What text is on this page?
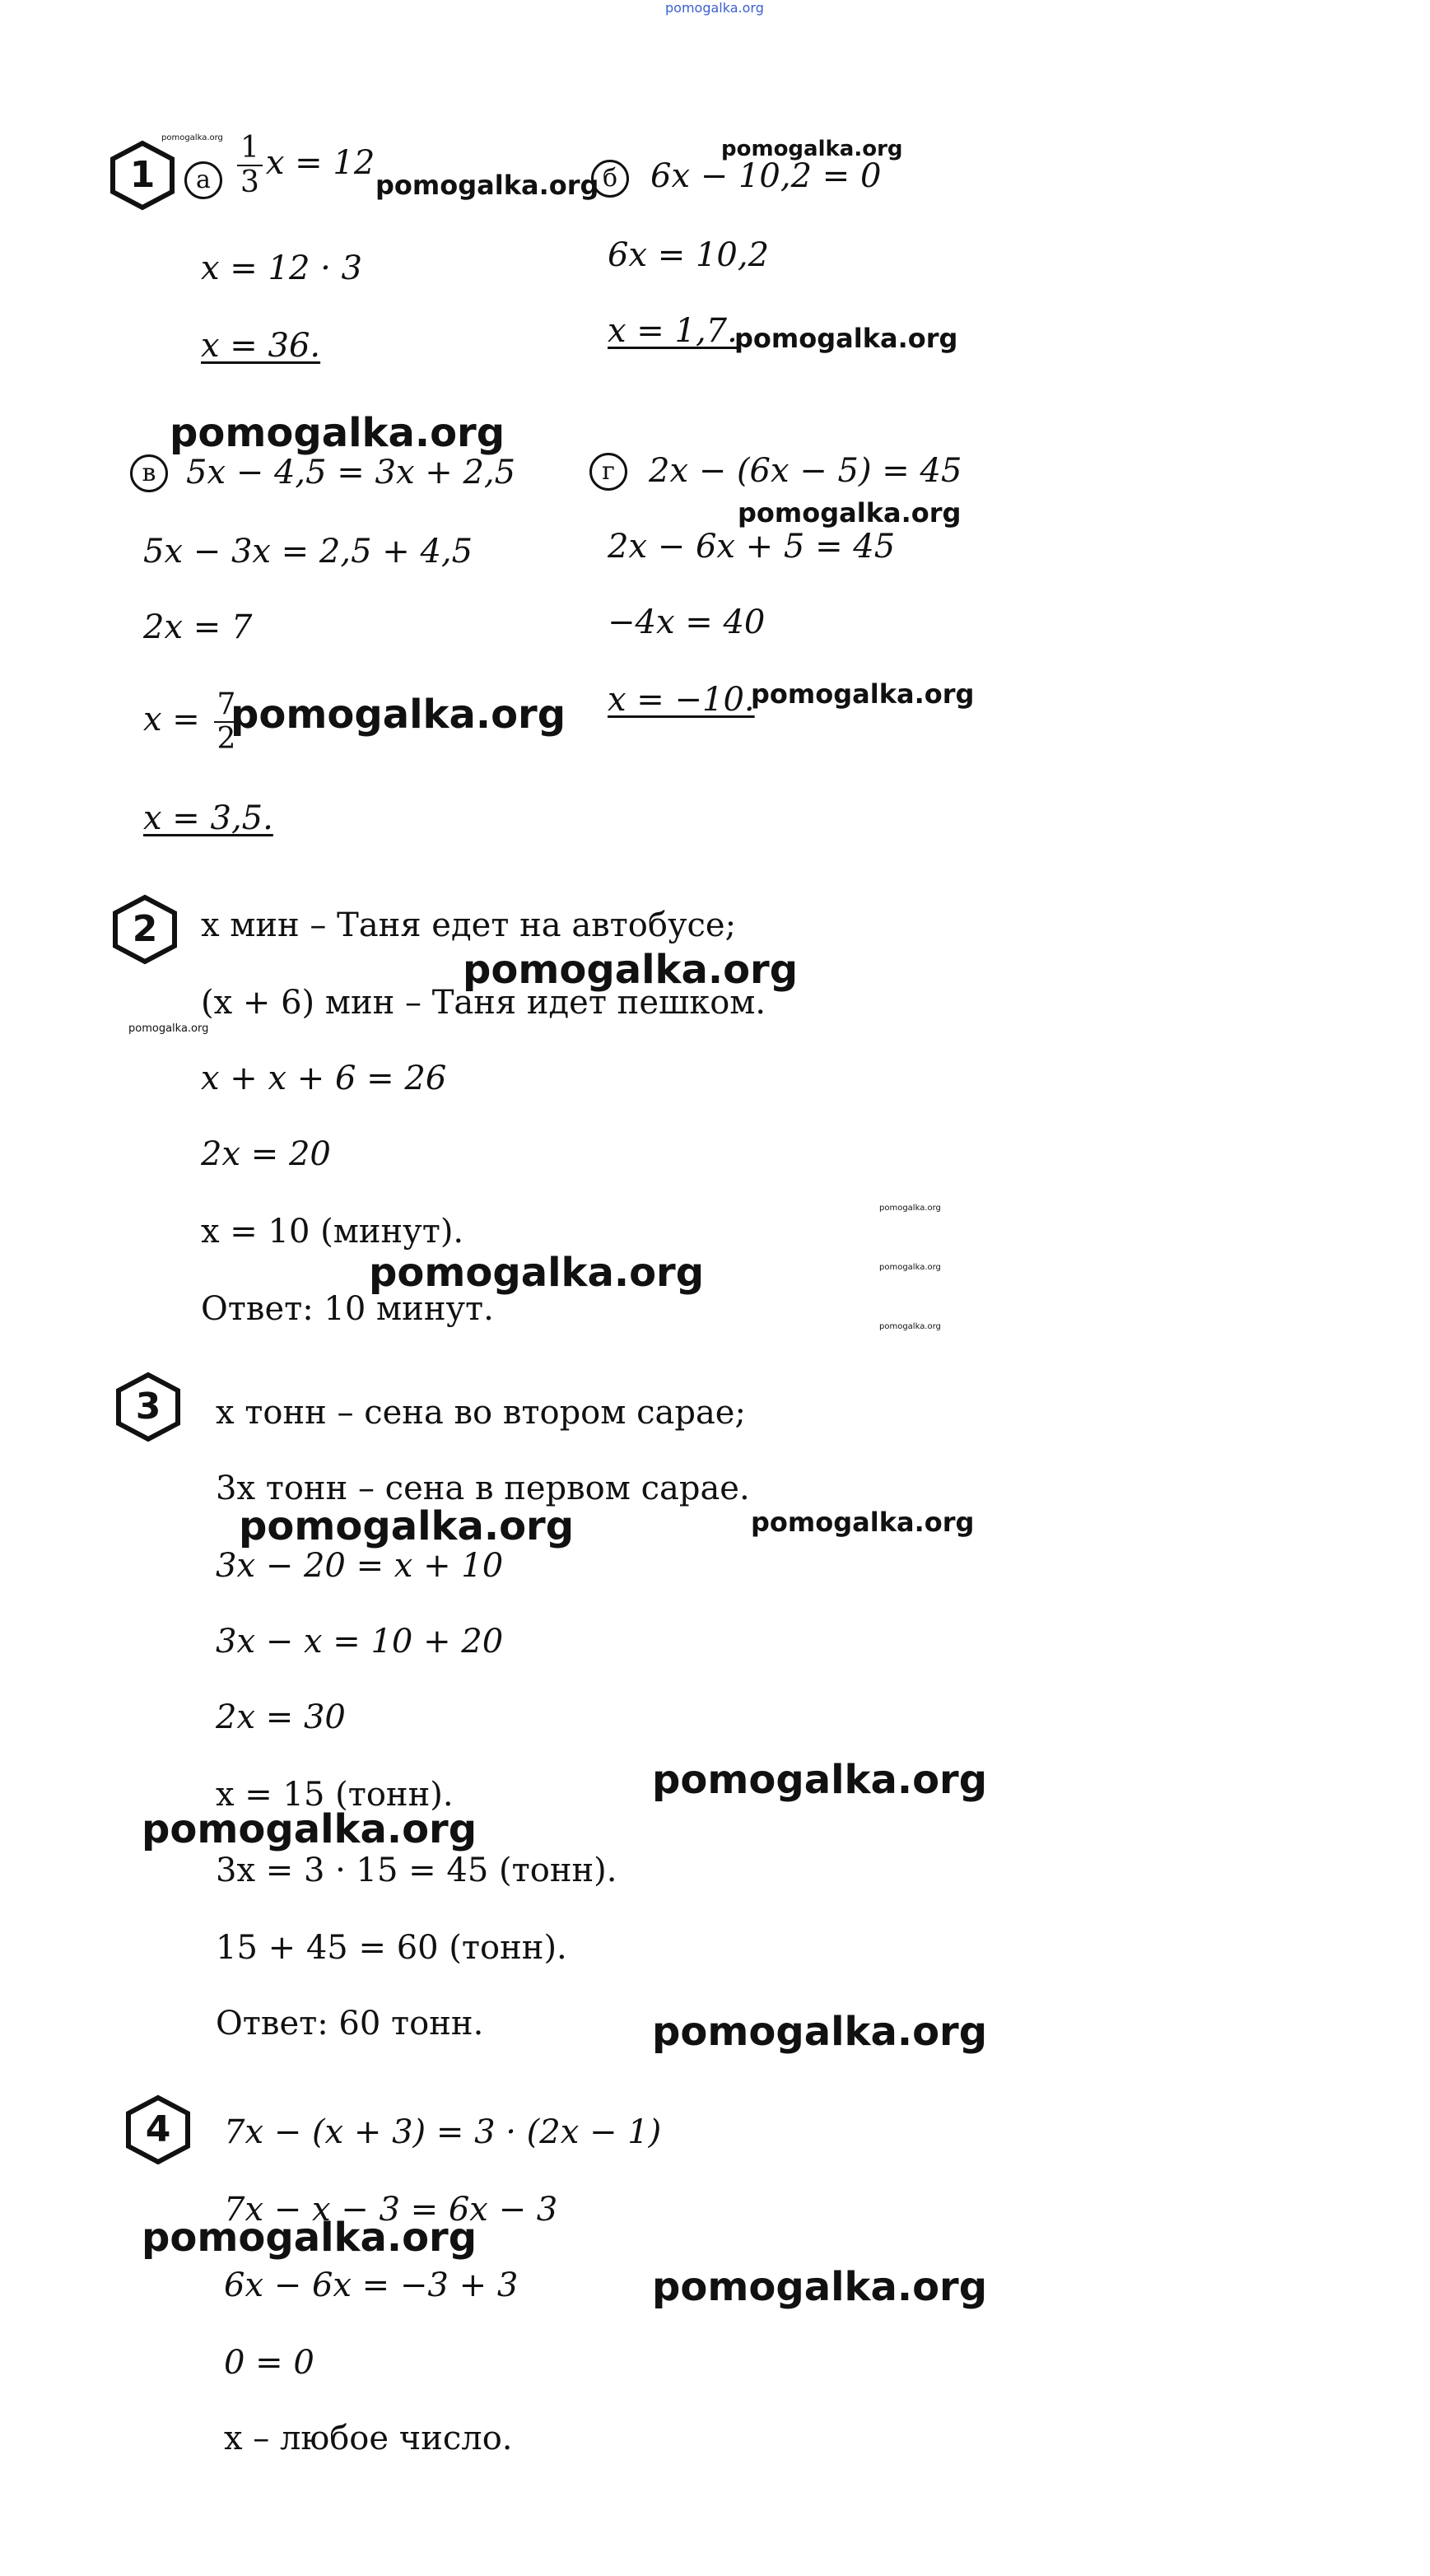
pomogalka.org
1	а $\frac{1}{3}$ x = 12
x = 12 · 3
x = 36.
б 6x − 10,2 = 0
6x = 10,2
x = 1,7.
в 5x − 4,5 = 3x + 2,5
5x − 3x = 2,5 + 4,5
2x = 7
$x = \frac{7}{2}$
x = 3,5.
г	2x − (6x − 5) = 45
2x − 6x + 5 = 45
−4x = 40
x = −10.
2	x мин – Таня едет на автобусе;
(x + 6) мин – Таня идет пешком.
x + x + 6 = 26
2x = 20
x = 10 (минут).
Ответ: 10 минут.
3	x тонн – сена во втором сарае;
3x тонн – сена в первом сарае.
3x − 20 = x + 10
3x − x = 10 + 20
2x = 30
x = 15 (тонн).
3x = 3 · 15 = 45 (тонн).
15 + 45 = 60 (тонн).
Ответ: 60 тонн.
4	7x − (x + 3) = 3 · (2x − 1)
7x − x − 3 = 6x − 3
6x − 6x = −3 + 3
0 = 0
x – любое число.
pomogalka.org
pomogalka.org
pomogalka.org
pomogalka.org
pomogalka.org
pomogalka.org
pomogalka.org	pomogalka.org
pomogalka.org
pomogalka.org
pomogalka.org
pomogalka.org
pomogalka.org
pomogalka.org
pomogalka.org	pomogalka.org
pomogalka.org
pomogalka.org
pomogalka.org
pomogalka.org
pomogalka.org
